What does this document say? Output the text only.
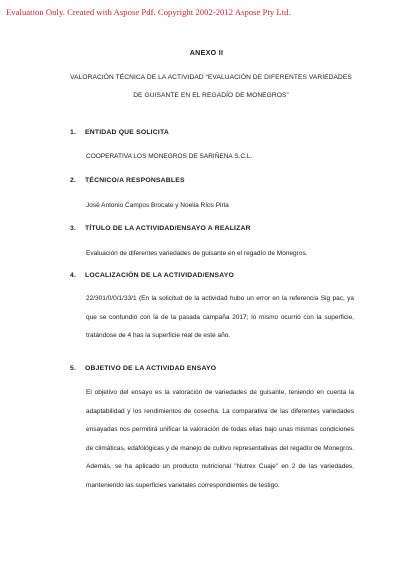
Evaluation Only. Created with Aspose Pdf. Copyright 2002-2012 Aspose Pty Ltd.
ANEXO II
VALORACIÓN TÉCNICA DE LA ACTIVIDAD “EVALUACIÓN DE DIFERENTES VARIEDADES
DE GUISANTE EN EL REGADÍO DE MONEGROS”
1. ENTIDAD QUE SOLICITA
COOPERATIVA LOS MONEGROS DE SARIÑENA S.C.L.
2. TÉCNICO/A RESPONSABLES
José Antonio Campos Brocate y Noelia Ríos Pirla
3. TÍTULO DE LA ACTIVIDAD/ENSAYO A REALIZAR
Evaluación de diferentes variedades de guisante en el regadío de Monegros.
4. LOCALIZACIÓN DE LA ACTIVIDAD/ENSAYO
22/301/0/0/1/33/1 (En la solicitud de la actividad hubo un error en la referencia Sig pac, ya que se confundió con la de la pasada campaña 2017; lo mismo ocurrió con la superficie, tratándose de 4 has la superficie real de este año.
5. OBJETIVO DE LA ACTIVIDAD ENSAYO
El objetivo del ensayo es la valoración de variedades de guisante, teniendo en cuenta la adaptabilidad y los rendimientos de cosecha. La comparativa de las diferentes variedades ensayadas nos permitirá unificar la valoración de todas ellas bajo unas mismas condiciones de climáticas, edafológicas y de manejo de cultivo representativas del regadío de Monegros. Además, se ha aplicado un producto nutricional "Nutrex Cuaje" en 2 de las variedades, manteniendo las superficies varietales correspondientes de testigo.
